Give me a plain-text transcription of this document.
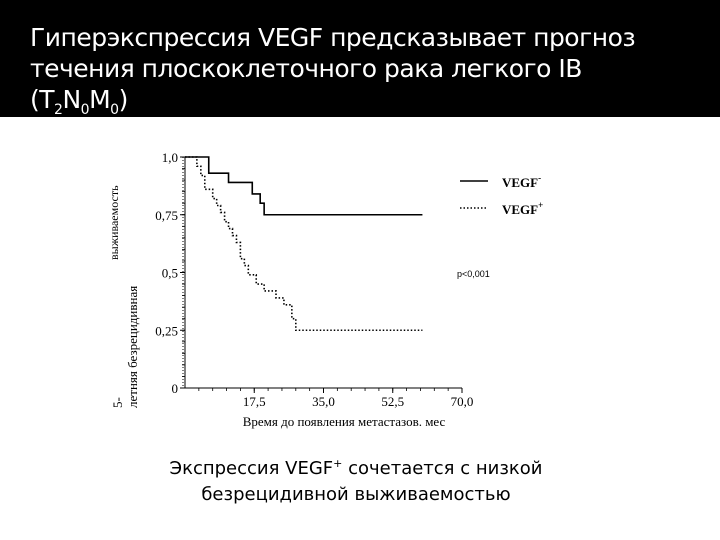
Гиперэкспрессия VEGF предсказывает прогноз
течения плоскоклеточного рака легкого IB
$(T_2N_0M_0)$
0
0,25
0,5
0,75
1,0
17,5	35,0	52,5	70,0
5- летняя безрецидивная
выживаемость
Время до появления метастазов. мес
VEGF-
VEGF+
p<0,001
Экспрессия VEGF+ сочетается с низкой
безрецидивной выживаемостью
